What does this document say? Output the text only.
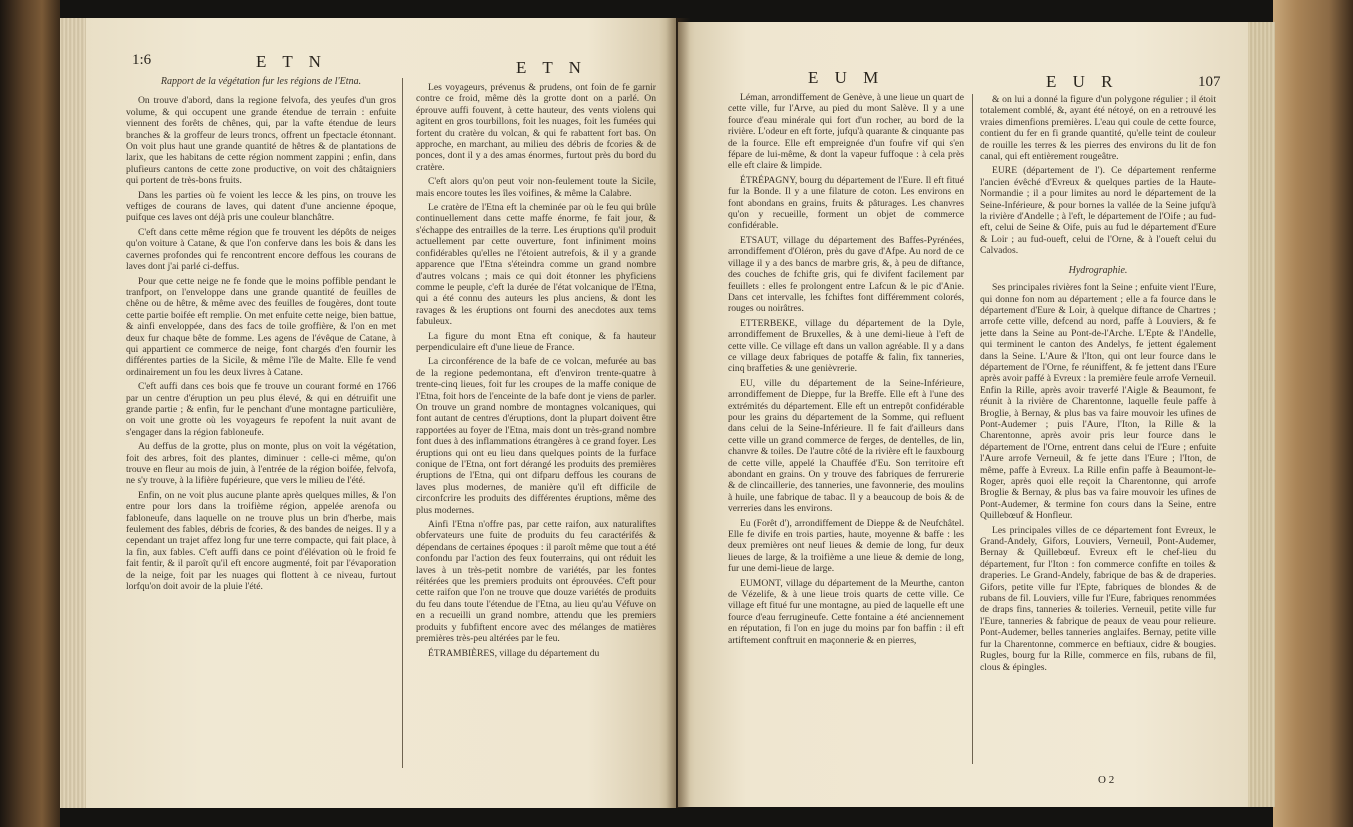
1:6	E T N	E T N

Rapport de la végétation fur les régions de l'Etna.

On trouve d'abord, dans la regione felvofa, des yeufes d'un gros volume, & qui occupent une grande étendue de terrain : enfuite viennent des forêts de chênes, qui, par la vafte étendue de leurs branches & la groffeur de leurs troncs, offrent un fpectacle étonnant. On voit plus haut une grande quantité de hêtres & de plantations de larix, que les habitans de cette région nomment zappini ; enfin, dans plufieurs cantons de cette zone productive, on voit des châtaigniers qui portent de très-bons fruits.

Dans les parties où fe voient les lecce & les pins, on trouve les veftiges de courans de laves, qui datent d'une ancienne époque, puifque ces laves ont déjà pris une couleur blanchâtre.

C'eft dans cette même région que fe trouvent les dépôts de neiges qu'on voiture à Catane, & que l'on conferve dans les bois & dans les cavernes profondes qui fe rencontrent encore deffous les courans de laves dont j'ai parlé ci-deffus.

Pour que cette neige ne fe fonde que le moins poffible pendant le tranfport, on l'enveloppe dans une grande quantité de feuilles de chêne ou de hêtre, & même avec des feuilles de fougères, dont toute cette partie boifée eft remplie. On met enfuite cette neige, bien battue, & ainfi enveloppée, dans des facs de toile groffière, & l'on en met deux fur chaque bête de fomme. Les agens de l'évêque de Catane, à qui appartient ce commerce de neige, font chargés d'en fournir les différentes parties de la Sicile, & même l'île de Malte. Elle fe vend ordinairement un fou les deux livres à Catane.

C'eft auffi dans ces bois que fe trouve un courant formé en 1766 par un centre d'éruption un peu plus élevé, & qui en détruifit une grande partie ; & enfin, fur le penchant d'une montagne particulière, on voit une grotte où les voyageurs fe repofent la nuit avant de s'engager dans la région fabloneufe.

Au deffus de la grotte, plus on monte, plus on voit la végétation, foit des arbres, foit des plantes, diminuer : celle-ci même, qu'on trouve en fleur au mois de juin, à l'entrée de la région boifée, felvofa, ne s'y trouve, à la lifière fupérieure, que vers le milieu de l'été.

Enfin, on ne voit plus aucune plante après quelques milles, & l'on entre pour lors dans la troifième région, appelée arenofa ou fabloneufe, dans laquelle on ne trouve plus un brin d'herbe, mais feulement des fables, débris de fcories, & des bandes de neiges. Il y a cependant un trajet affez long fur une terre compacte, qui fait place, à la fin, aux fables. C'eft auffi dans ce point d'élévation où le froid fe fait fentir, & il paroît qu'il eft encore augmenté, foit par l'évaporation de la neige, foit par les nuages qui flottent à ce niveau, furtout lorfqu'on doit avoir de la pluie l'été.

Les voyageurs, prévenus & prudens, ont foin de fe garnir contre ce froid, même dès la grotte dont on a parlé. On éprouve auffi fouvent, à cette hauteur, des vents violens qui agitent en gros tourbillons, foit les nuages, foit les fumées qui fortent du cratère du volcan, & qui fe rabattent fort bas. On approche, en marchant, au milieu des débris de fcories & de ponces, dont il y a des amas énormes, furtout près du bord du cratère.

C'eft alors qu'on peut voir non-feulement toute la Sicile, mais encore toutes les îles voifines, & même la Calabre.

Le cratère de l'Etna eft la cheminée par où le feu qui brûle continuellement dans cette maffe énorme, fe fait jour, & s'échappe des entrailles de la terre. Les éruptions qu'il produit actuellement par cette ouverture, font infiniment moins confidérables qu'elles ne l'étoient autrefois, & il y a grande apparence que l'Etna s'éteindra comme un grand nombre d'autres volcans ; mais ce qui doit étonner les phyficiens comme le peuple, c'eft la durée de l'état volcanique de l'Etna, qui a été connu des auteurs les plus anciens, & dont les ravages & les éruptions ont fourni des anecdotes aux tems fabuleux.

La figure du mont Etna eft conique, & fa hauteur perpendiculaire eft d'une lieue de France.

La circonférence de la bafe de ce volcan, mefurée au bas de la regione pedemontana, eft d'environ trente-quatre à trente-cinq lieues, foit fur les croupes de la maffe conique de l'Etna, foit hors de l'enceinte de la bafe dont je viens de parler. On trouve un grand nombre de montagnes volcaniques, qui font autant de centres d'éruptions, dont la plupart doivent être rapportées au foyer de l'Etna, mais dont un très-grand nombre font dues à des inflammations étrangères à ce grand foyer. Les éruptions qui ont eu lieu dans quelques points de la furface conique de l'Etna, ont fort dérangé les produits des premières éruptions de l'Etna, qui ont difparu deffous les courans de laves plus modernes, de manière qu'il eft difficile de circonfcrire les produits des différentes éruptions, même des plus modernes.

Ainfi l'Etna n'offre pas, par cette raifon, aux naturaliftes obfervateurs une fuite de produits du feu caractérifés & dépendans de certaines époques : il paroît même que tout a été confondu par l'action des feux fouterrains, qui ont réduit les laves à un très-petit nombre de variétés, par les fontes réitérées que les premiers produits ont éprouvées. C'eft pour cette raifon que l'on ne trouve que douze variétés de produits du feu dans toute l'étendue de l'Etna, au lieu qu'au Véfuve on en a recueilli un grand nombre, attendu que les premiers produits y fubfiftent encore avec des mélanges de matières premières très-peu altérées par le feu.

ÉTRAMBIÈRES, village du département du

E U M	E U R	107

Léman, arrondiffement de Genève, à une lieue un quart de cette ville, fur l'Arve, au pied du mont Salève. Il y a une fource d'eau minérale qui fort d'un rocher, au bord de la rivière. L'odeur en eft forte, jufqu'à quarante & cinquante pas de la fource. Elle eft empreignée d'un foufre vif qui s'en fépare de lui-même, & dont la vapeur fuffoque : à cela près elle eft claire & limpide.

ÉTRÉPAGNY, bourg du département de l'Eure. Il eft fitué fur la Bonde. Il y a une filature de coton. Les environs en font abondans en grains, fruits & pâturages. Les chanvres qu'on y recueille, forment un objet de commerce confidérable.

ETSAUT, village du département des Baffes-Pyrénées, arrondiffement d'Oléron, près du gave d'Afpe. Au nord de ce village il y a des bancs de marbre gris, &, à peu de diftance, des couches de fchifte gris, qui fe divifent facilement par feuillets : elles fe prolongent entre Lafcun & le pic d'Anie. Dans cet intervalle, les fchiftes font différemment colorés, rouges ou noirâtres.

ETTERBEKE, village du département de la Dyle, arrondiffement de Bruxelles, & à une demi-lieue à l'eft de cette ville. Ce village eft dans un vallon agréable. Il y a dans ce village deux fabriques de potaffe & falin, fix tanneries, cinq braffeties & une genièvrerie.

EU, ville du département de la Seine-Inférieure, arrondiffement de Dieppe, fur la Breffe. Elle eft à l'une des extrémités du département. Elle eft un entrepôt confidérable pour les grains du département de la Somme, qui refluent dans celui de la Seine-Inférieure. Il fe fait d'ailleurs dans cette ville un grand commerce de ferges, de dentelles, de lin, chanvre & toiles. De l'autre côté de la rivière eft le fauxbourg de cette ville, appelé la Chauffée d'Eu. Son territoire eft abondant en grains. On y trouve des fabriques de ferrurerie & de clincaillerie, des tanneries, une favonnerie, des moulins à huile, une fabrique de tabac. Il y a beaucoup de bois & de verreries dans les environs.

Eu (Forêt d'), arrondiffement de Dieppe & de Neufchâtel. Elle fe divife en trois parties, haute, moyenne & baffe : les deux premières ont neuf lieues & demie de long, fur deux lieues de large, & la troifième a une lieue & demie de long, fur une demi-lieue de large.

EUMONT, village du département de la Meurthe, canton de Vézelife, & à une lieue trois quarts de cette ville. Ce village eft fitué fur une montagne, au pied de laquelle eft une fource d'eau ferrugineufe. Cette fontaine a été anciennement en réputation, fi l'on en juge du moins par fon baffin : il eft artiftement conftruit en maçonnerie & en pierres,

& on lui a donné la figure d'un polygone régulier ; il étoit totalement comblé, &, ayant été nétoyé, on en a retrouvé les vraies dimenfions premières. L'eau qui coule de cette fource, contient du fer en fi grande quantité, qu'elle teint de couleur de rouille les terres & les pierres des environs du lit de fon canal, qui eft entièrement rougeâtre.

EURE (département de l'). Ce département renferme l'ancien évêché d'Evreux & quelques parties de la Haute-Normandie ; il a pour limites au nord le département de la Seine-Inférieure, & pour bornes la vallée de la Seine jufqu'à la rivière d'Andelle ; à l'eft, le département de l'Oife ; au fud-eft, celui de Seine & Oife, puis au fud le département d'Eure & Loir ; au fud-oueft, celui de l'Orne, & à l'oueft celui du Calvados.

Hydrographie.

Ses principales rivières font la Seine ; enfuite vient l'Eure, qui donne fon nom au département ; elle a fa fource dans le département d'Eure & Loir, à quelque diftance de Chartres ; arrofe cette ville, defcend au nord, paffe à Louviers, & fe jette dans la Seine au Pont-de-l'Arche. L'Epte & l'Andelle, qui terminent le canton des Andelys, fe jettent également dans la Seine. L'Aure & l'Iton, qui ont leur fource dans le département de l'Orne, fe réuniffent, & fe jettent dans l'Eure après avoir paffé à Evreux : la première feule arrofe Verneuil. Enfin la Rille, après avoir traverfé l'Aigle & Beaumont, fe réunit à la rivière de Charentonne, laquelle feule paffe à Broglie, à Bernay, & plus bas va faire mouvoir les ufines de Pont-Audemer ; puis l'Aure, l'Iton, la Rille & la Charentonne, après avoir pris leur fource dans le département de l'Orne, entrent dans celui de l'Eure ; enfuite l'Aure arrofe Verneuil, & fe jette dans l'Eure ; l'Iton, de même, paffe à Evreux. La Rille enfin paffe à Beaumont-le-Roger, après quoi elle reçoit la Charentonne, qui arrofe Broglie & Bernay, & plus bas va faire mouvoir les ufines de Pont-Audemer, & termine fon cours dans la Seine, entre Quillebœuf & Honfleur.

Les principales villes de ce département font Evreux, le Grand-Andely, Gifors, Louviers, Verneuil, Pont-Audemer, Bernay & Quillebœuf. Evreux eft le chef-lieu du département, fur l'Iton : fon commerce confifte en toiles & draperies. Le Grand-Andely, fabrique de bas & de draperies. Gifors, petite ville fur l'Epte, fabriques de blondes & de rubans de fil. Louviers, ville fur l'Eure, fabriques renommées de draps fins, tanneries & toileries. Verneuil, petite ville fur l'Eure, tanneries & fabrique de peaux de veau pour relieure. Pont-Audemer, belles tanneries anglaifes. Bernay, petite ville fur la Charentonne, commerce en beftiaux, cidre & bougies. Rugles, bourg fur la Rille, commerce en fils, rubans de fil, clous & épingles.

O 2
